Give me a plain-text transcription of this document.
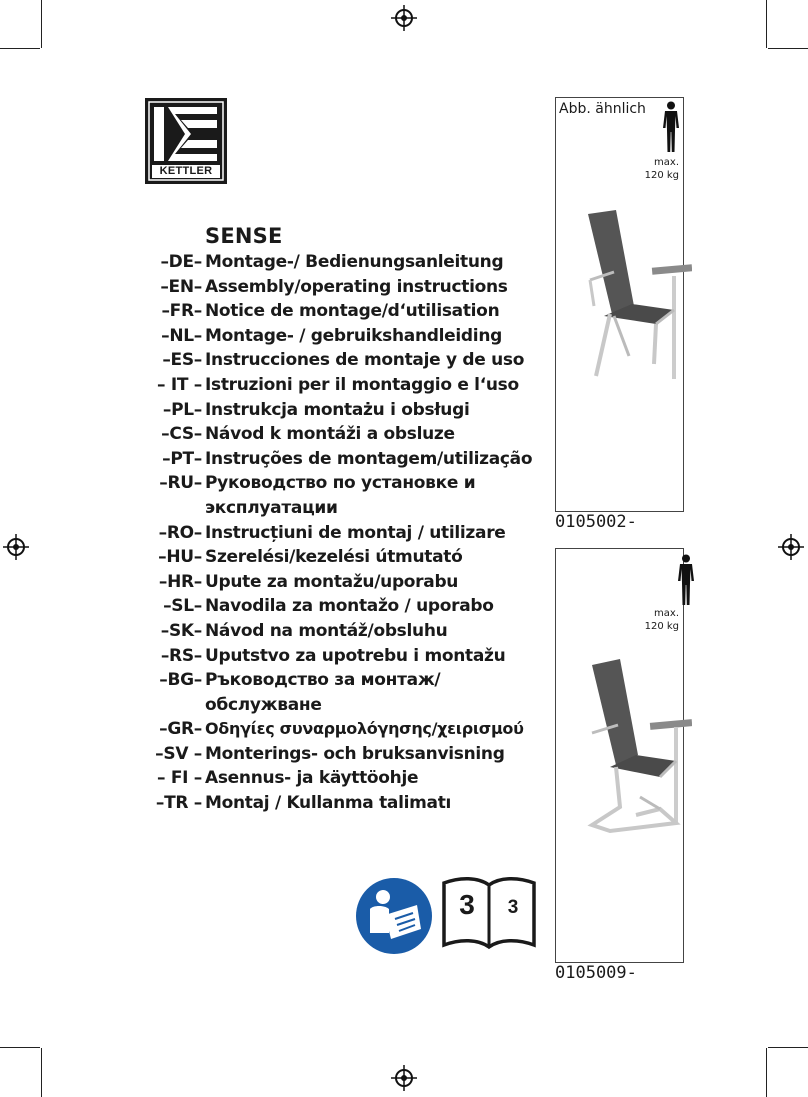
KETTLER
SENSE
–DE– Montage-/ Bedienungsanleitung
–EN– Assembly/operating instructions
–FR– Notice de montage/d‘utilisation
–NL– Montage- / gebruikshandleiding
–ES– Instrucciones de montaje y de uso
– IT – Istruzioni per il montaggio e l‘uso
–PL– Instrukcja montażu i obsługi
–CS– Návod k montáži a obsluze
–PT– Instruções de montagem/utilização
–RU– Руководство по установке и
эксплуатации
–RO– Instrucțiuni de montaj / utilizare
–HU– Szerelési/kezelési útmutató
–HR– Upute za montažu/uporabu
–SL– Navodila za montažo / uporabo
–SK– Návod na montáž/obsluhu
–RS– Uputstvo za upotrebu i montažu
–BG– Ръководство за монтаж/
обслужване
–GR– Οδηγίες συναρμολόγησης/χειρισμού
–SV – Monterings- och bruksanvisning
– FI – Asennus- ja käyttöohje
–TR – Montaj / Kullanma talimatı
Abb. ähnlich
max.
120 kg
0105002-
max.
120 kg
0105009-
3	3
